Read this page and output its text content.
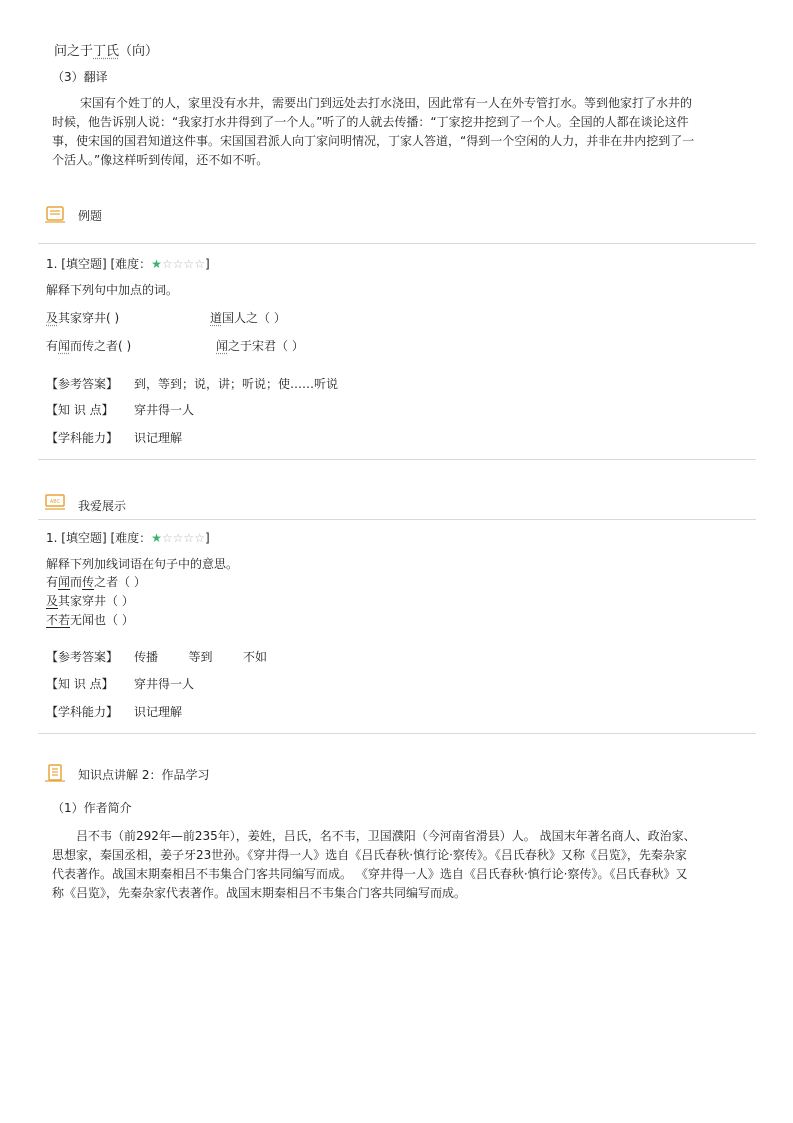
问之于丁氏（向）
（3）翻译
宋国有个姓丁的人，家里没有水井，需要出门到远处去打水浇田，因此常有一人在外专管打水。等到他家打了水井的时候，他告诉别人说：“我家打水井得到了一个人。”听了的人就去传播：“丁家挖井挖到了一个人。全国的人都在谈论这件事，使宋国的国君知道这件事。宋国国君派人向丁家问明情况，丁家人答道，“得到一个空闲的人力，并非在井内挖到了一个活人。”像这样听到传闻，还不如不听。
例题
1. [填空题] [难度：★☆☆☆☆]
解释下列句中加点的词。
及其家穿井( )	道国人之（ ）
有闻而传之者( )	闻之于宋君（ ）
【参考答案】 到，等到；说，讲；听说；使……听说
【知 识 点】 穿井得一人
【学科能力】 识记理解
ABC 我爱展示
1. [填空题] [难度：★☆☆☆☆]
解释下列加线词语在句子中的意思。
有闻而传之者（ ）
及其家穿井（ ）
不若无闻也（ ）
【参考答案】 传播        等到        不如
【知 识 点】 穿井得一人
【学科能力】 识记理解
知识点讲解 2：作品学习
（1）作者简介
吕不韦（前292年—前235年），姜姓，吕氏，名不韦，卫国濮阳（今河南省滑县）人。 战国末年著名商人、政治家、思想家，秦国丞相，姜子牙23世孙。《穿井得一人》选自《吕氏春秋·慎行论·察传》。《吕氏春秋》又称《吕览》，先秦杂家代表著作。战国末期秦相吕不韦集合门客共同编写而成。 《穿井得一人》选自《吕氏春秋·慎行论·察传》。《吕氏春秋》又称《吕览》，先秦杂家代表著作。战国末期秦相吕不韦集合门客共同编写而成。
